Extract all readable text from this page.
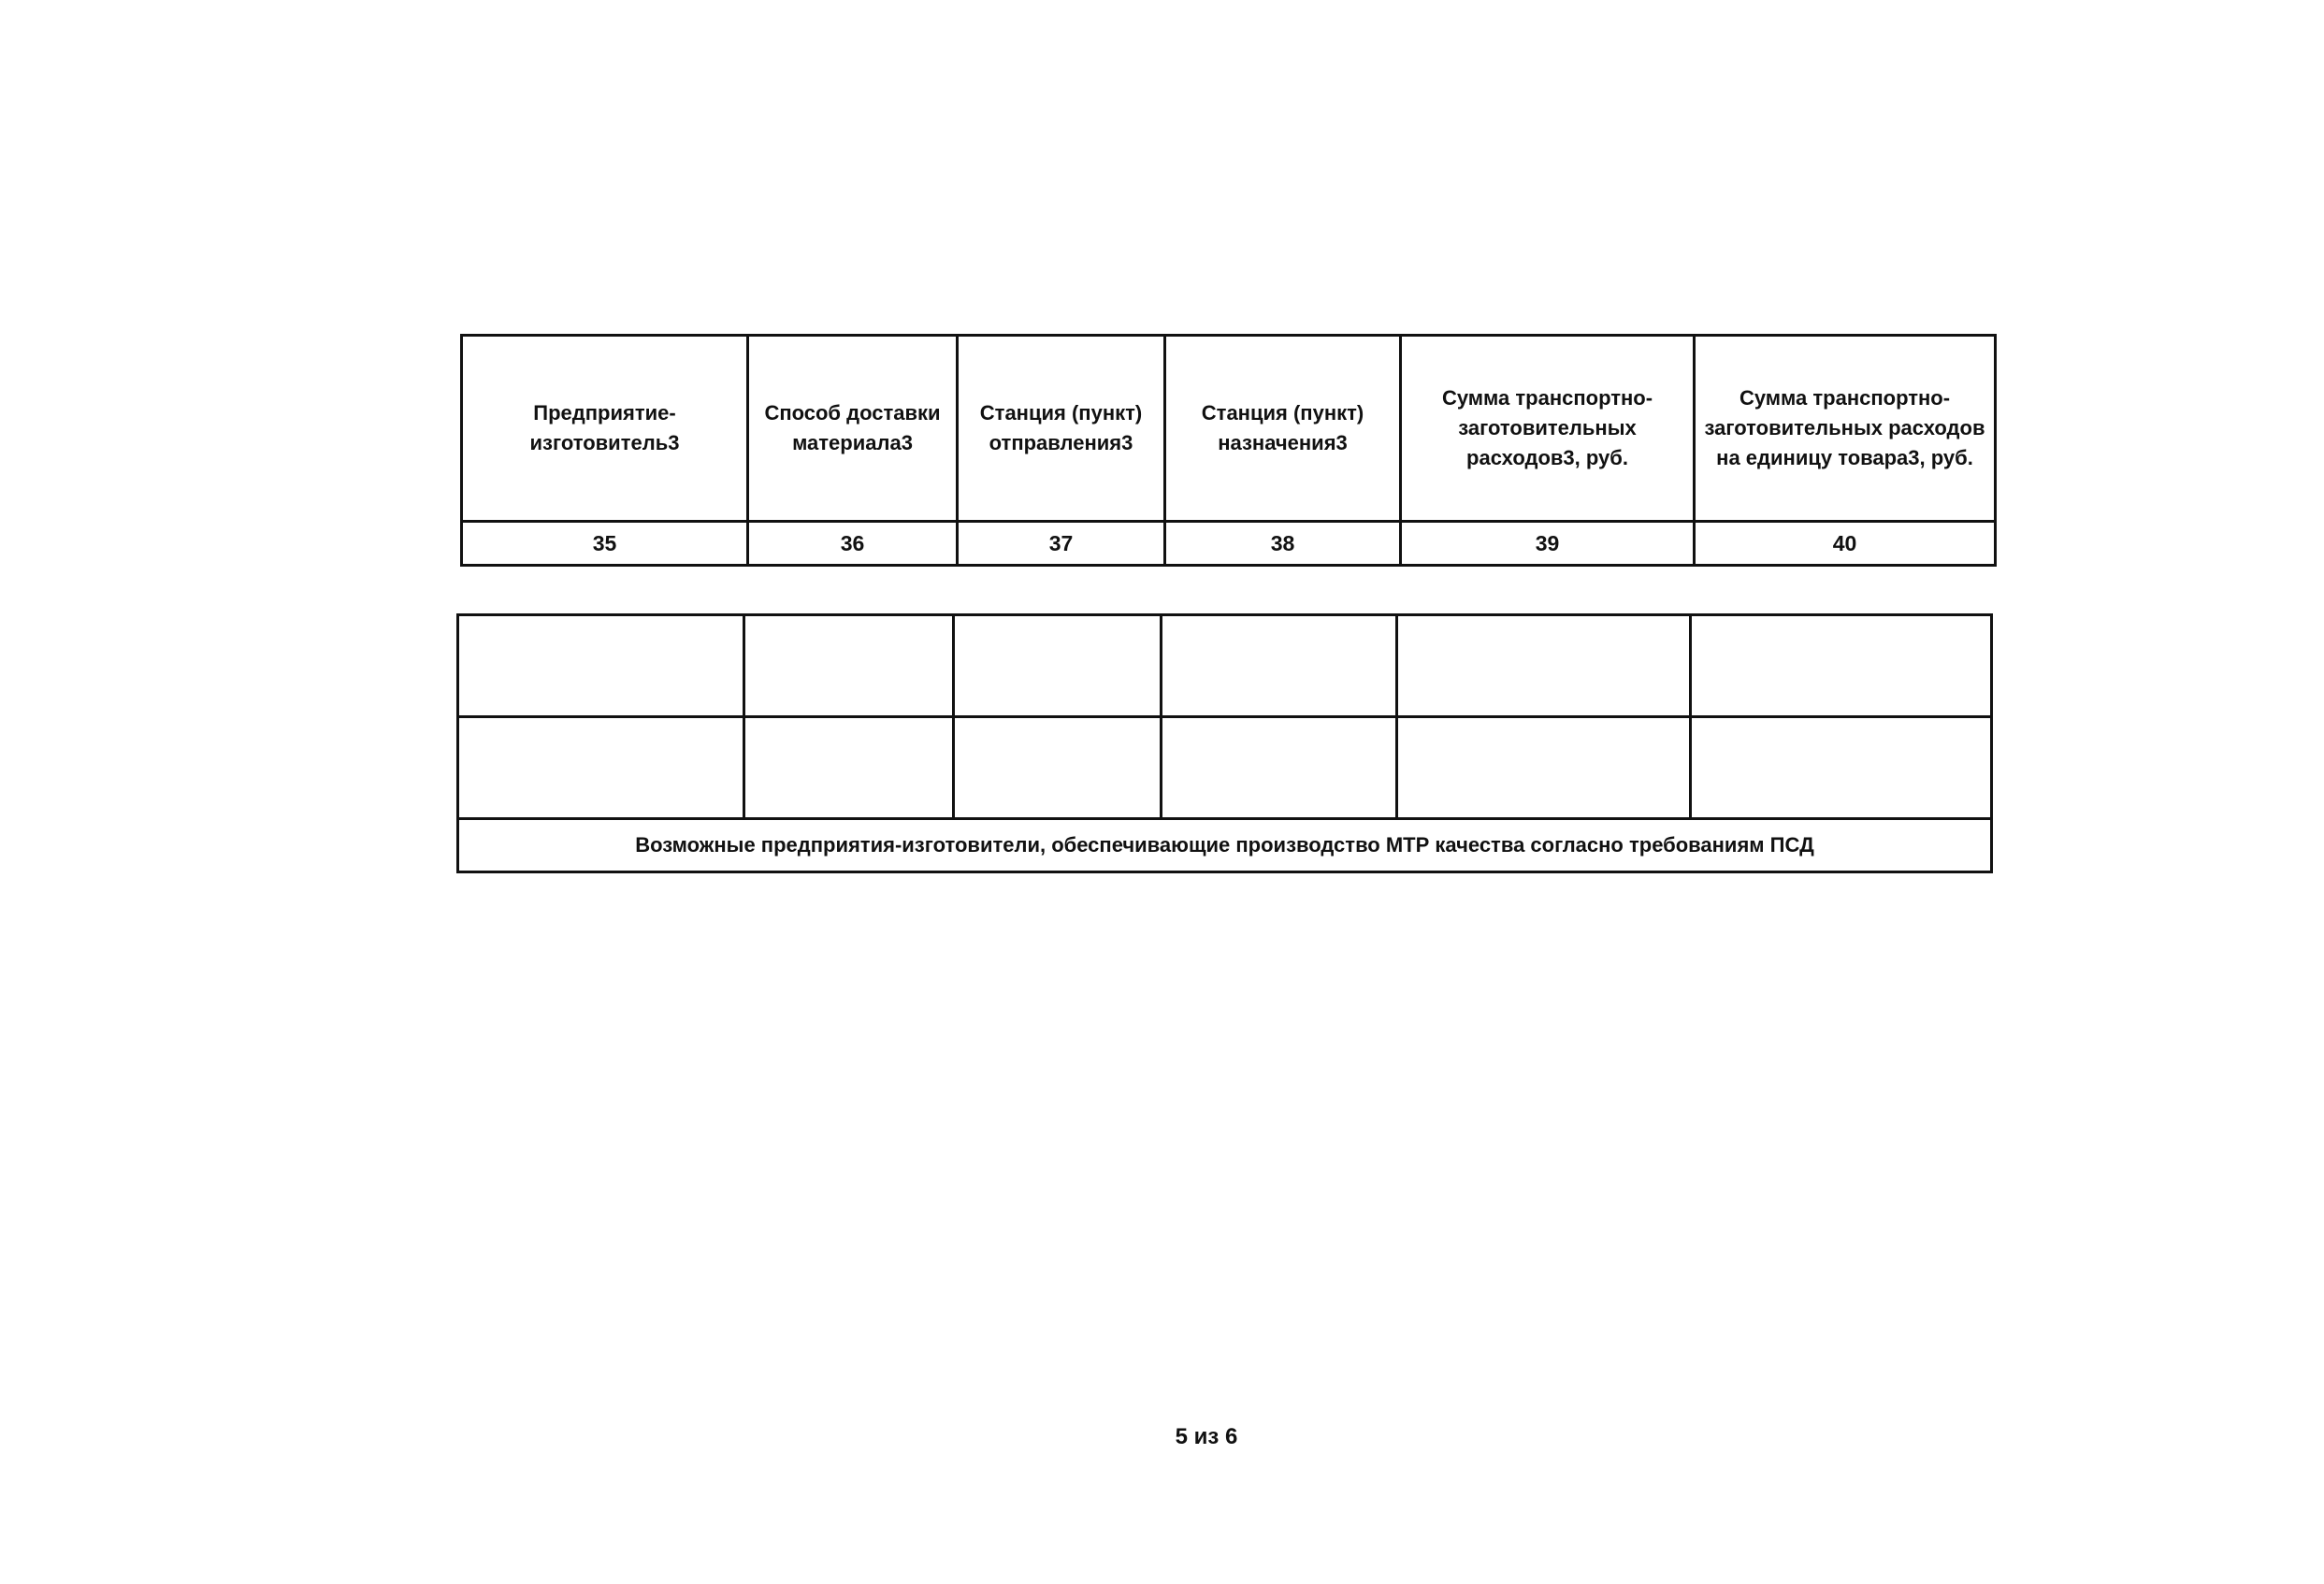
Предприятие-изготовитель3	Способ доставки материала3	Станция (пункт) отправления3	Станция (пункт) назначения3	Сумма транспортно-заготовительных расходов3, руб.	Сумма транспортно-заготовительных расходов на единицу товара3, руб.
35	36	37	38	39	40

Возможные предприятия-изготовители, обеспечивающие производство МТР качества согласно требованиям ПСД					
5 из 6
